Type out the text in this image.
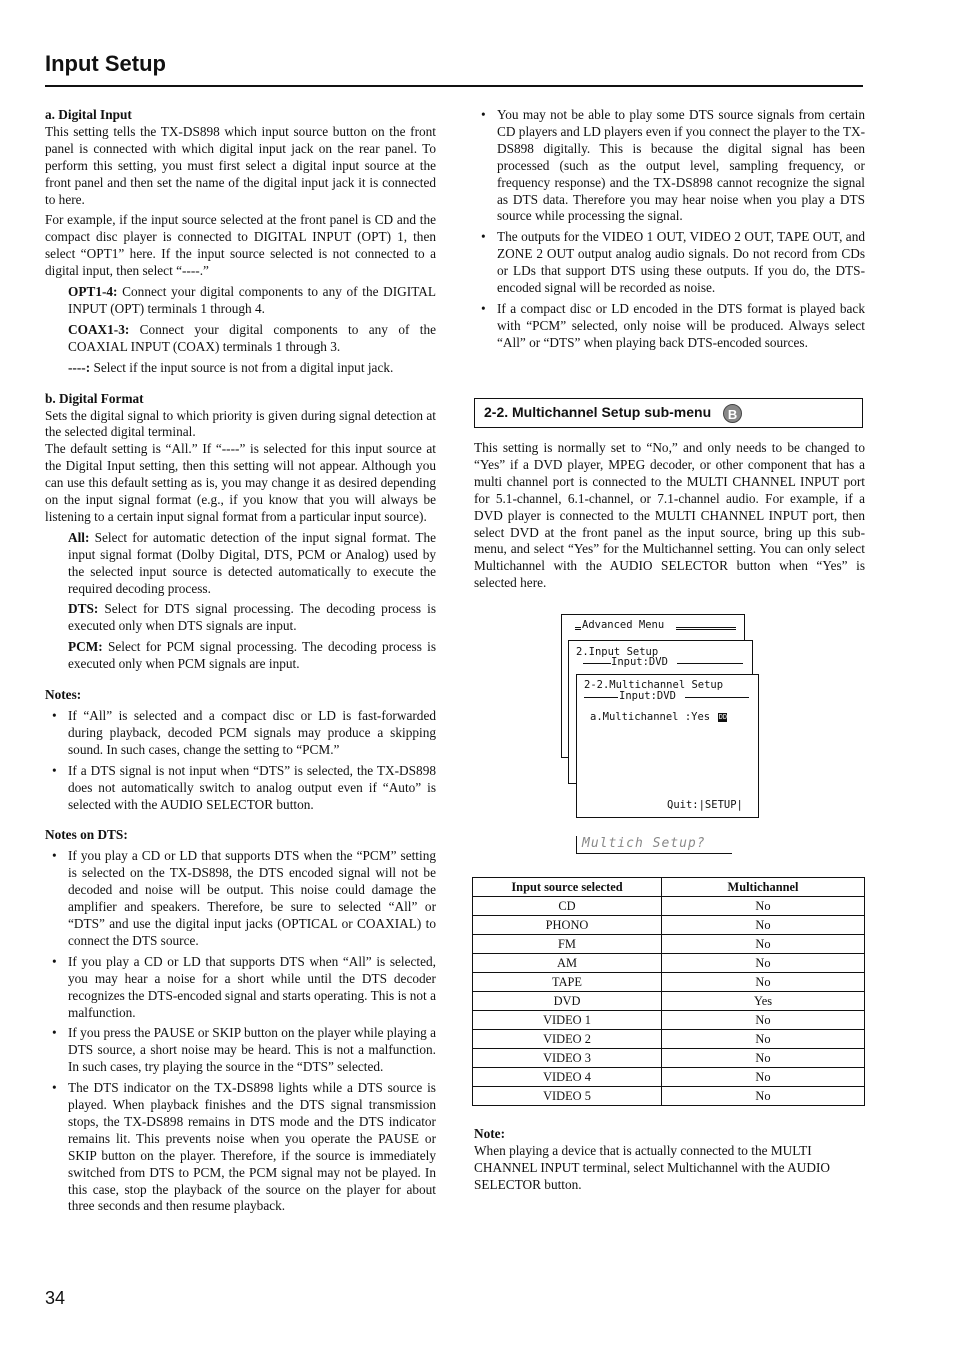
Input Setup

a. Digital Input

This setting tells the TX-DS898 which input source button on the front panel is connected with which digital input jack on the rear panel. To perform this setting, you must first select a digital input source at the front panel and then set the name of the digital input jack it is connected to here.

For example, if the input source selected at the front panel is CD and the compact disc player is connected to DIGITAL INPUT (OPT) 1, then select “OPT1” here. If the input source selected is not connected to a digital input, then select “----.”

OPT1-4: Connect your digital components to any of the DIGITAL INPUT (OPT) terminals 1 through 4.

COAX1-3: Connect your digital components to any of the COAXIAL INPUT (COAX) terminals 1 through 3.

----: Select if the input source is not from a digital input jack.

b. Digital Format

Sets the digital signal to which priority is given during signal detection at the selected digital terminal.

The default setting is “All.” If “----” is selected for this input source at the Digital Input setting, then this setting will not appear. Although you can use this default setting as is, you may change it as desired depending on the input signal format (e.g., if you know that you will always be listening to a certain input signal format from a particular input source).

All: Select for automatic detection of the input signal format. The input signal format (Dolby Digital, DTS, PCM or Analog) used by the selected input source is detected automatically to execute the required decoding process.

DTS: Select for DTS signal processing. The decoding process is executed only when DTS signals are input.

PCM: Select for PCM signal processing. The decoding process is executed only when PCM signals are input.

Notes:

• If “All” is selected and a compact disc or LD is fast-forwarded during playback, decoded PCM signals may produce a skipping sound. In such cases, change the setting to “PCM.”
• If a DTS signal is not input when “DTS” is selected, the TX-DS898 does not automatically switch to analog output even if “Auto” is selected with the AUDIO SELECTOR button.

Notes on DTS:

• If you play a CD or LD that supports DTS when the “PCM” setting is selected on the TX-DS898, the DTS encoded signal will not be decoded and noise will be output. This noise could damage the amplifier and speakers. Therefore, be sure to selected “All” or “DTS” and use the digital input jacks (OPTICAL or COAXIAL) to connect the DTS source.
• If you play a CD or LD that supports DTS when “All” is selected, you may hear a noise for a short while until the DTS decoder recognizes the DTS-encoded signal and starts operating. This is not a malfunction.
• If you press the PAUSE or SKIP button on the player while playing a DTS source, a short noise may be heard. This is not a malfunction. In such cases, try playing the source in the “DTS” selected.
• The DTS indicator on the TX-DS898 lights while a DTS source is played. When playback finishes and the DTS signal transmission stops, the TX-DS898 remains in DTS mode and the DTS indicator remains lit. This prevents noise when you operate the PAUSE or SKIP button on the player. Therefore, if the source is immediately switched from DTS to PCM, the PCM signal may not be played. In this case, stop the playback of the source on the player for about three seconds and then resume playback.
• You may not be able to play some DTS source signals from certain CD players and LD players even if you connect the player to the TX-DS898 digitally. This is because the digital signal has been processed (such as the output level, sampling frequency, or frequency response) and the TX-DS898 cannot recognize the signal as DTS data. Therefore you may hear noise when you play a DTS source while processing the signal.
• The outputs for the VIDEO 1 OUT, VIDEO 2 OUT, TAPE OUT, and ZONE 2 OUT output analog audio signals. Do not record from CDs or LDs that support DTS using these outputs. If you do, the DTS-encoded signal will be recorded as noise.
• If a compact disc or LD encoded in the DTS format is played back with “PCM” selected, only noise will be produced. Always select “All” or “DTS” when playing back DTS-encoded sources.
2-2. Multichannel Setup sub-menu B

This setting is normally set to “No,” and only needs to be changed to “Yes” if a DVD player, MPEG decoder, or other component that has a multi channel port is connected to the MULTI CHANNEL INPUT port for 5.1-channel, 6.1-channel, or 7.1-channel audio. For example, if a DVD player is connected to the MULTI CHANNEL INPUT port, then select DVD at the front panel as the input source, bring up this sub-menu, and select “Yes” for the Multichannel setting. You can only select Multichannel with the AUDIO SELECTOR button when “Yes” is selected here.

Advanced Menu
2.Input Setup
Input:DVD
2-2.Multichannel Setup
Input:DVD
a.Multichannel :Yes DD
Quit:|SETUP|
Multich Setup?
Input source selected	Multichannel
CD	No
PHONO	No
FM	No
AM	No
TAPE	No
DVD	Yes
VIDEO 1	No
VIDEO 2	No
VIDEO 3	No
VIDEO 4	No
VIDEO 5	No

Note:

When playing a device that is actually connected to the MULTI CHANNEL INPUT terminal, select Multichannel with the AUDIO SELECTOR button.

34
